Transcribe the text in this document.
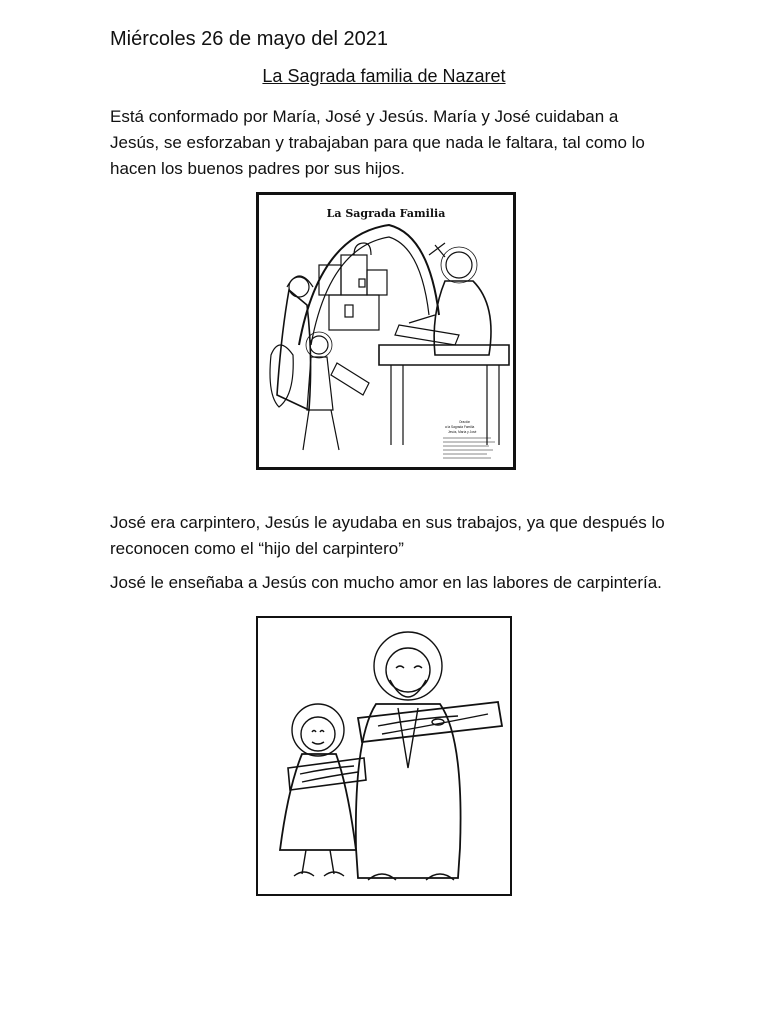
Miércoles 26 de mayo del 2021
La Sagrada familia de Nazaret

Está conformado por María, José y Jesús. María y José cuidaban a Jesús, se esforzaban y trabajaban para que nada le faltara, tal como lo hacen los buenos padres por sus hijos.

La Sagrada Familia
Oración
a la Sagrada Familia
Jesús, María y José

José era carpintero, Jesús le ayudaba en sus trabajos, ya que después lo reconocen como el “hijo del carpintero”

José le enseñaba a Jesús con mucho amor en las labores de carpintería.
